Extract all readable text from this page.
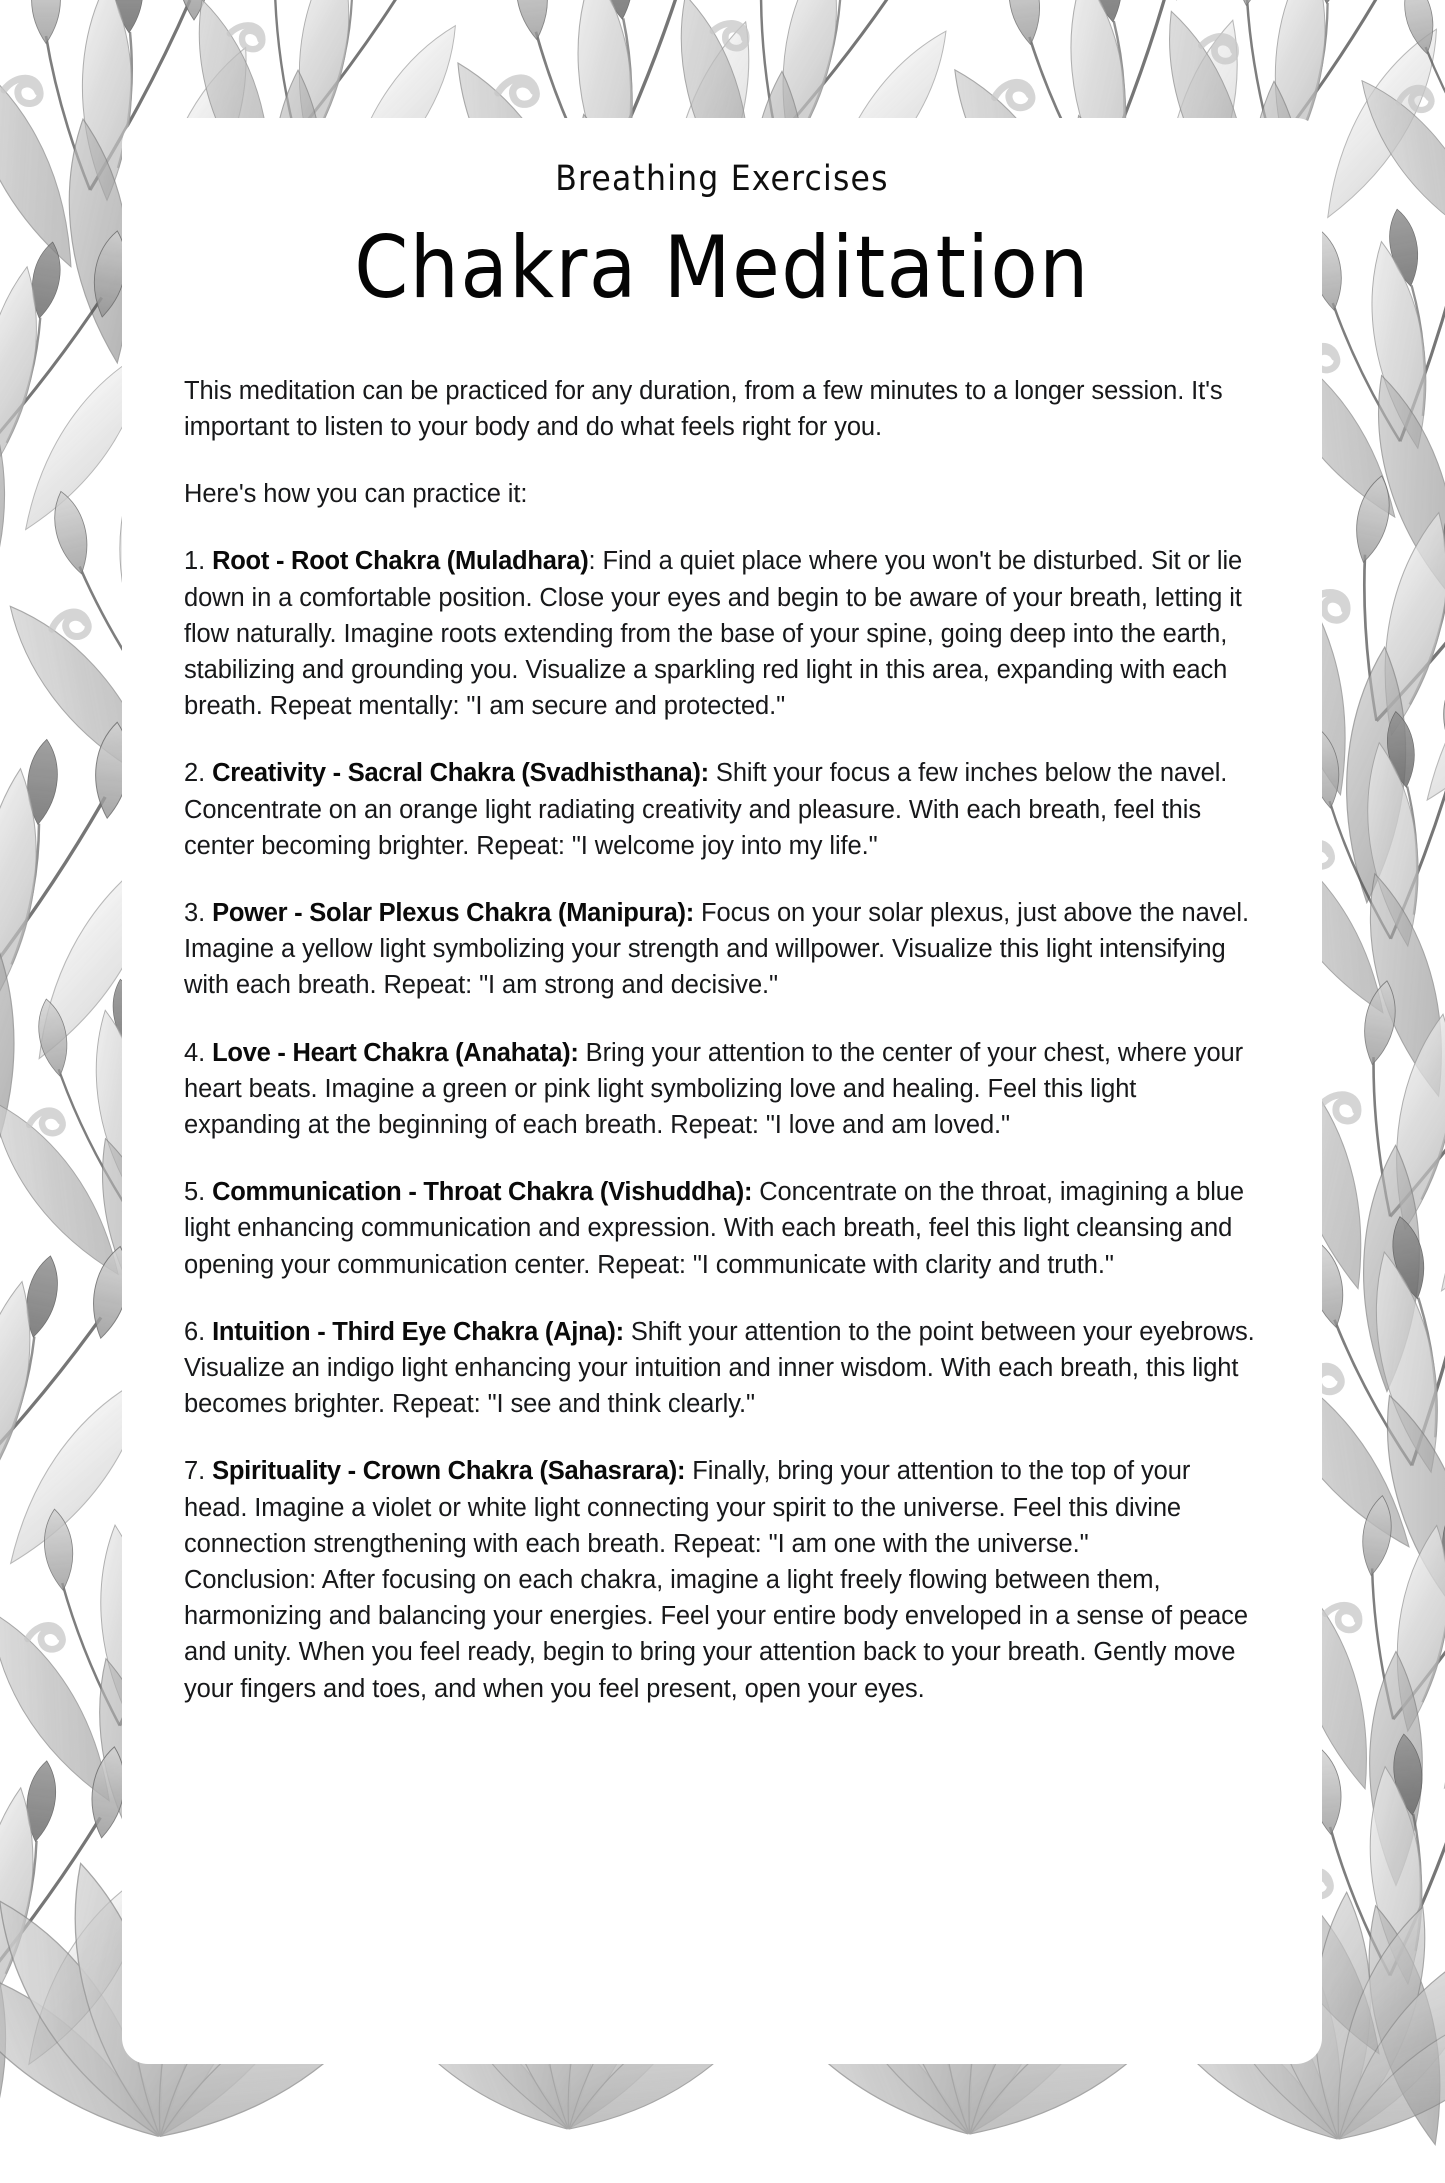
Breathing Exercises
Chakra Meditation

This meditation can be practiced for any duration, from a few minutes to a longer session. It's important to listen to your body and do what feels right for you.

Here's how you can practice it:

1. Root - Root Chakra (Muladhara): Find a quiet place where you won't be disturbed. Sit or lie down in a comfortable position. Close your eyes and begin to be aware of your breath, letting it flow naturally. Imagine roots extending from the base of your spine, going deep into the earth, stabilizing and grounding you. Visualize a sparkling red light in this area, expanding with each breath. Repeat mentally: "I am secure and protected."

2. Creativity - Sacral Chakra (Svadhisthana): Shift your focus a few inches below the navel. Concentrate on an orange light radiating creativity and pleasure. With each breath, feel this center becoming brighter. Repeat: "I welcome joy into my life."

3. Power - Solar Plexus Chakra (Manipura): Focus on your solar plexus, just above the navel. Imagine a yellow light symbolizing your strength and willpower. Visualize this light intensifying with each breath. Repeat: "I am strong and decisive."

4. Love - Heart Chakra (Anahata): Bring your attention to the center of your chest, where your heart beats. Imagine a green or pink light symbolizing love and healing. Feel this light expanding at the beginning of each breath. Repeat: "I love and am loved."

5. Communication - Throat Chakra (Vishuddha): Concentrate on the throat, imagining a blue light enhancing communication and expression. With each breath, feel this light cleansing and opening your communication center. Repeat: "I communicate with clarity and truth."

6. Intuition - Third Eye Chakra (Ajna): Shift your attention to the point between your eyebrows. Visualize an indigo light enhancing your intuition and inner wisdom. With each breath, this light becomes brighter. Repeat: "I see and think clearly."

7. Spirituality - Crown Chakra (Sahasrara): Finally, bring your attention to the top of your head. Imagine a violet or white light connecting your spirit to the universe. Feel this divine connection strengthening with each breath. Repeat: "I am one with the universe."

Conclusion: After focusing on each chakra, imagine a light freely flowing between them, harmonizing and balancing your energies. Feel your entire body enveloped in a sense of peace and unity. When you feel ready, begin to bring your attention back to your breath. Gently move your fingers and toes, and when you feel present, open your eyes.
